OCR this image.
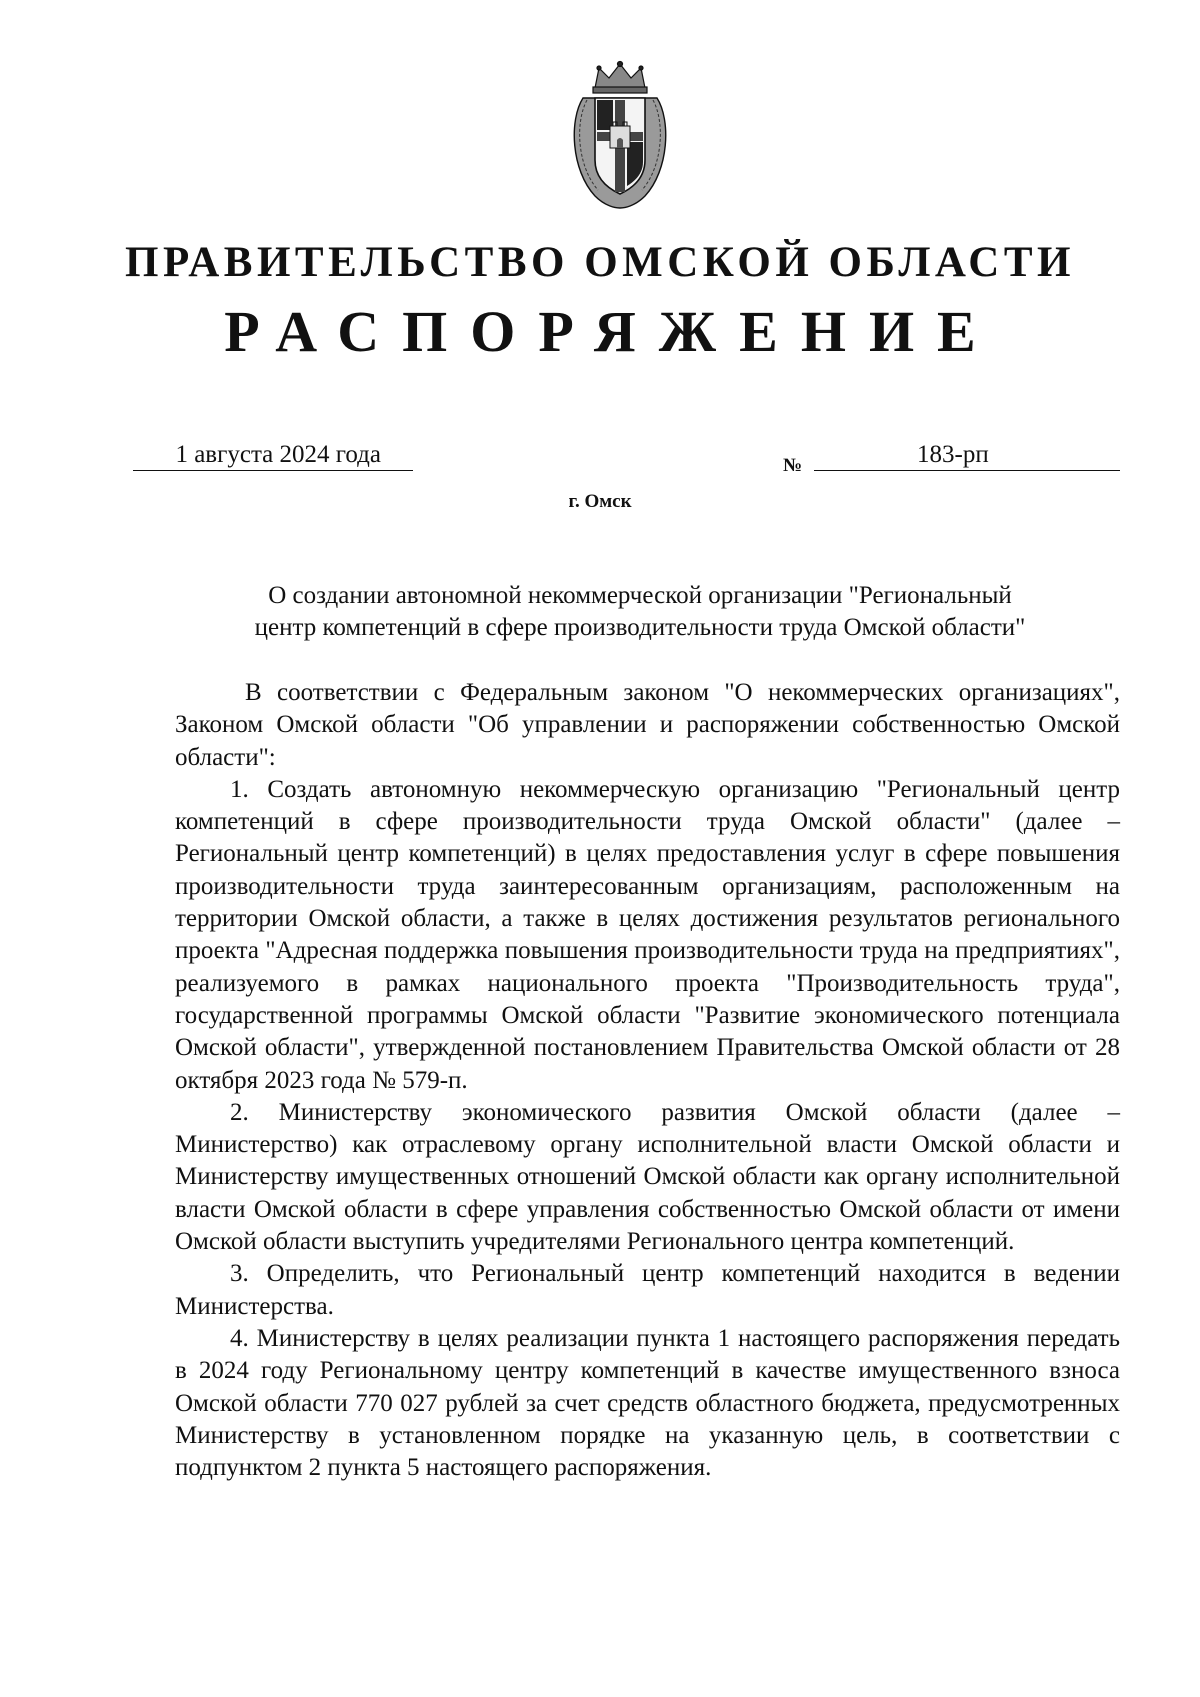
ПРАВИТЕЛЬСТВО ОМСКОЙ ОБЛАСТИ
РАСПОРЯЖЕНИЕ
1 августа 2024 года	№	183-рп
г. Омск
О создании автономной некоммерческой организации "Региональный
центр компетенций в сфере производительности труда Омской области"

В соответствии с Федеральным законом "О некоммерческих организациях", Законом Омской области "Об управлении и распоряжении собственностью Омской области":

1. Создать автономную некоммерческую организацию "Региональный центр компетенций в сфере производительности труда Омской области" (далее – Региональный центр компетенций) в целях предоставления услуг в сфере повышения производительности труда заинтересованным организациям, расположенным на территории Омской области, а также в целях достижения результатов регионального проекта "Адресная поддержка повышения производительности труда на предприятиях", реализуемого в рамках национального проекта "Производительность труда", государственной программы Омской области "Развитие экономического потенциала Омской области", утвержденной постановлением Правительства Омской области от 28 октября 2023 года № 579-п.

2. Министерству экономического развития Омской области (далее – Министерство) как отраслевому органу исполнительной власти Омской области и Министерству имущественных отношений Омской области как органу исполнительной власти Омской области в сфере управления собственностью Омской области от имени Омской области выступить учредителями Регионального центра компетенций.

3. Определить, что Региональный центр компетенций находится в ведении Министерства.

4. Министерству в целях реализации пункта 1 настоящего распоряжения передать в 2024 году Региональному центру компетенций в качестве имущественного взноса Омской области 770 027 рублей за счет средств областного бюджета, предусмотренных Министерству в установленном порядке на указанную цель, в соответствии с подпунктом 2 пункта 5 настоящего распоряжения.
